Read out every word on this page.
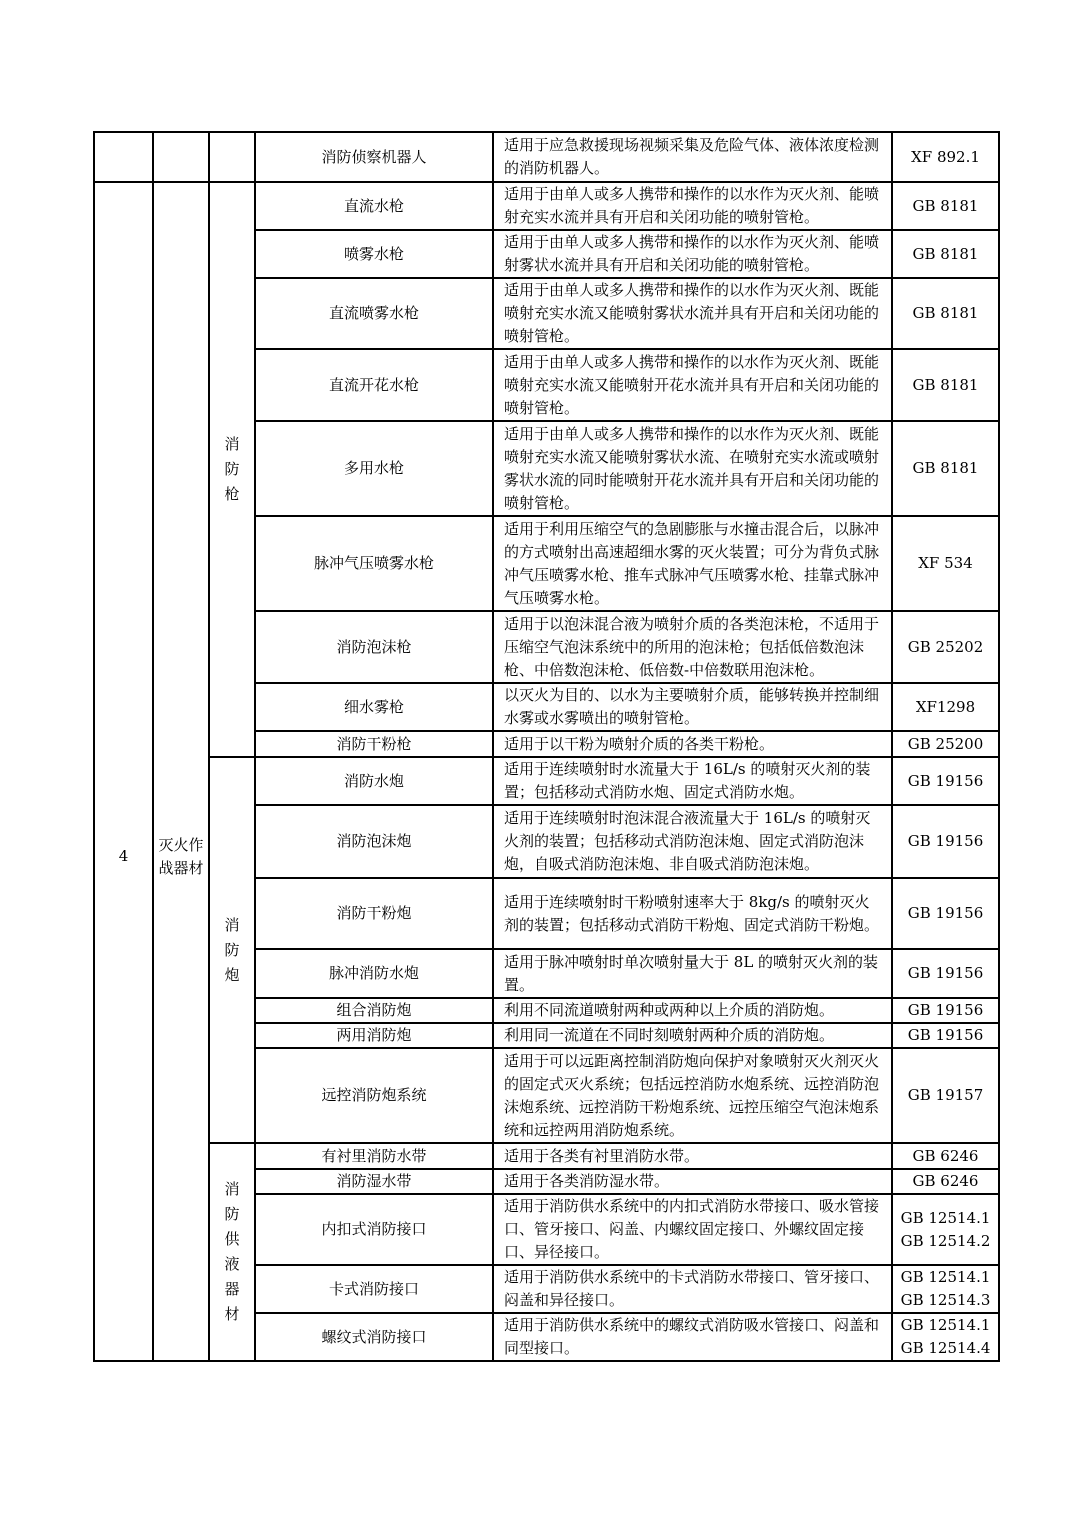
			消防侦察机器人	适用于应急救援现场视频采集及危险气体、液体浓度检测的消防机器人。	XF 892.1

4	灭火作战器材	消防枪	直流水枪	适用于由单人或多人携带和操作的以水作为灭火剂、能喷射充实水流并具有开启和关闭功能的喷射管枪。	GB 8181

			喷雾水枪	适用于由单人或多人携带和操作的以水作为灭火剂、能喷射雾状水流并具有开启和关闭功能的喷射管枪。	GB 8181

			直流喷雾水枪	适用于由单人或多人携带和操作的以水作为灭火剂、既能喷射充实水流又能喷射雾状水流并具有开启和关闭功能的喷射管枪。	GB 8181

			直流开花水枪	适用于由单人或多人携带和操作的以水作为灭火剂、既能喷射充实水流又能喷射开花水流并具有开启和关闭功能的喷射管枪。	GB 8181

			多用水枪	适用于由单人或多人携带和操作的以水作为灭火剂、既能喷射充实水流又能喷射雾状水流、在喷射充实水流或喷射雾状水流的同时能喷射开花水流并具有开启和关闭功能的喷射管枪。	GB 8181

			脉冲气压喷雾水枪	适用于利用压缩空气的急剧膨胀与水撞击混合后，以脉冲的方式喷射出高速超细水雾的灭火装置；可分为背负式脉冲气压喷雾水枪、推车式脉冲气压喷雾水枪、挂靠式脉冲气压喷雾水枪。	XF 534

			消防泡沫枪	适用于以泡沫混合液为喷射介质的各类泡沫枪，不适用于压缩空气泡沫系统中的所用的泡沫枪；包括低倍数泡沫枪、中倍数泡沫枪、低倍数-中倍数联用泡沫枪。	GB 25202

			细水雾枪	以灭火为目的、以水为主要喷射介质，能够转换并控制细水雾或水雾喷出的喷射管枪。	XF1298

			消防干粉枪	适用于以干粉为喷射介质的各类干粉枪。	GB 25200

		消防炮	消防水炮	适用于连续喷射时水流量大于 16L/s 的喷射灭火剂的装置；包括移动式消防水炮、固定式消防水炮。	GB 19156

			消防泡沫炮	适用于连续喷射时泡沫混合液流量大于 16L/s 的喷射灭火剂的装置；包括移动式消防泡沫炮、固定式消防泡沫炮，自吸式消防泡沫炮、非自吸式消防泡沫炮。	GB 19156

			消防干粉炮	适用于连续喷射时干粉喷射速率大于 8kg/s 的喷射灭火剂的装置；包括移动式消防干粉炮、固定式消防干粉炮。	GB 19156

			脉冲消防水炮	适用于脉冲喷射时单次喷射量大于 8L 的喷射灭火剂的装置。	GB 19156

			组合消防炮	利用不同流道喷射两种或两种以上介质的消防炮。	GB 19156

			两用消防炮	利用同一流道在不同时刻喷射两种介质的消防炮。	GB 19156

			远控消防炮系统	适用于可以远距离控制消防炮向保护对象喷射灭火剂灭火的固定式灭火系统；包括远控消防水炮系统、远控消防泡沫炮系统、远控消防干粉炮系统、远控压缩空气泡沫炮系统和远控两用消防炮系统。	GB 19157

		消防供液器材	有衬里消防水带	适用于各类有衬里消防水带。	GB 6246

			消防湿水带	适用于各类消防湿水带。	GB 6246

			内扣式消防接口	适用于消防供水系统中的内扣式消防水带接口、吸水管接口、管牙接口、闷盖、内螺纹固定接口、外螺纹固定接口、异径接口。	GB 12514.1
GB 12514.2

			卡式消防接口	适用于消防供水系统中的卡式消防水带接口、管牙接口、闷盖和异径接口。	GB 12514.1
GB 12514.3

			螺纹式消防接口	适用于消防供水系统中的螺纹式消防吸水管接口、闷盖和同型接口。	GB 12514.1
GB 12514.4
